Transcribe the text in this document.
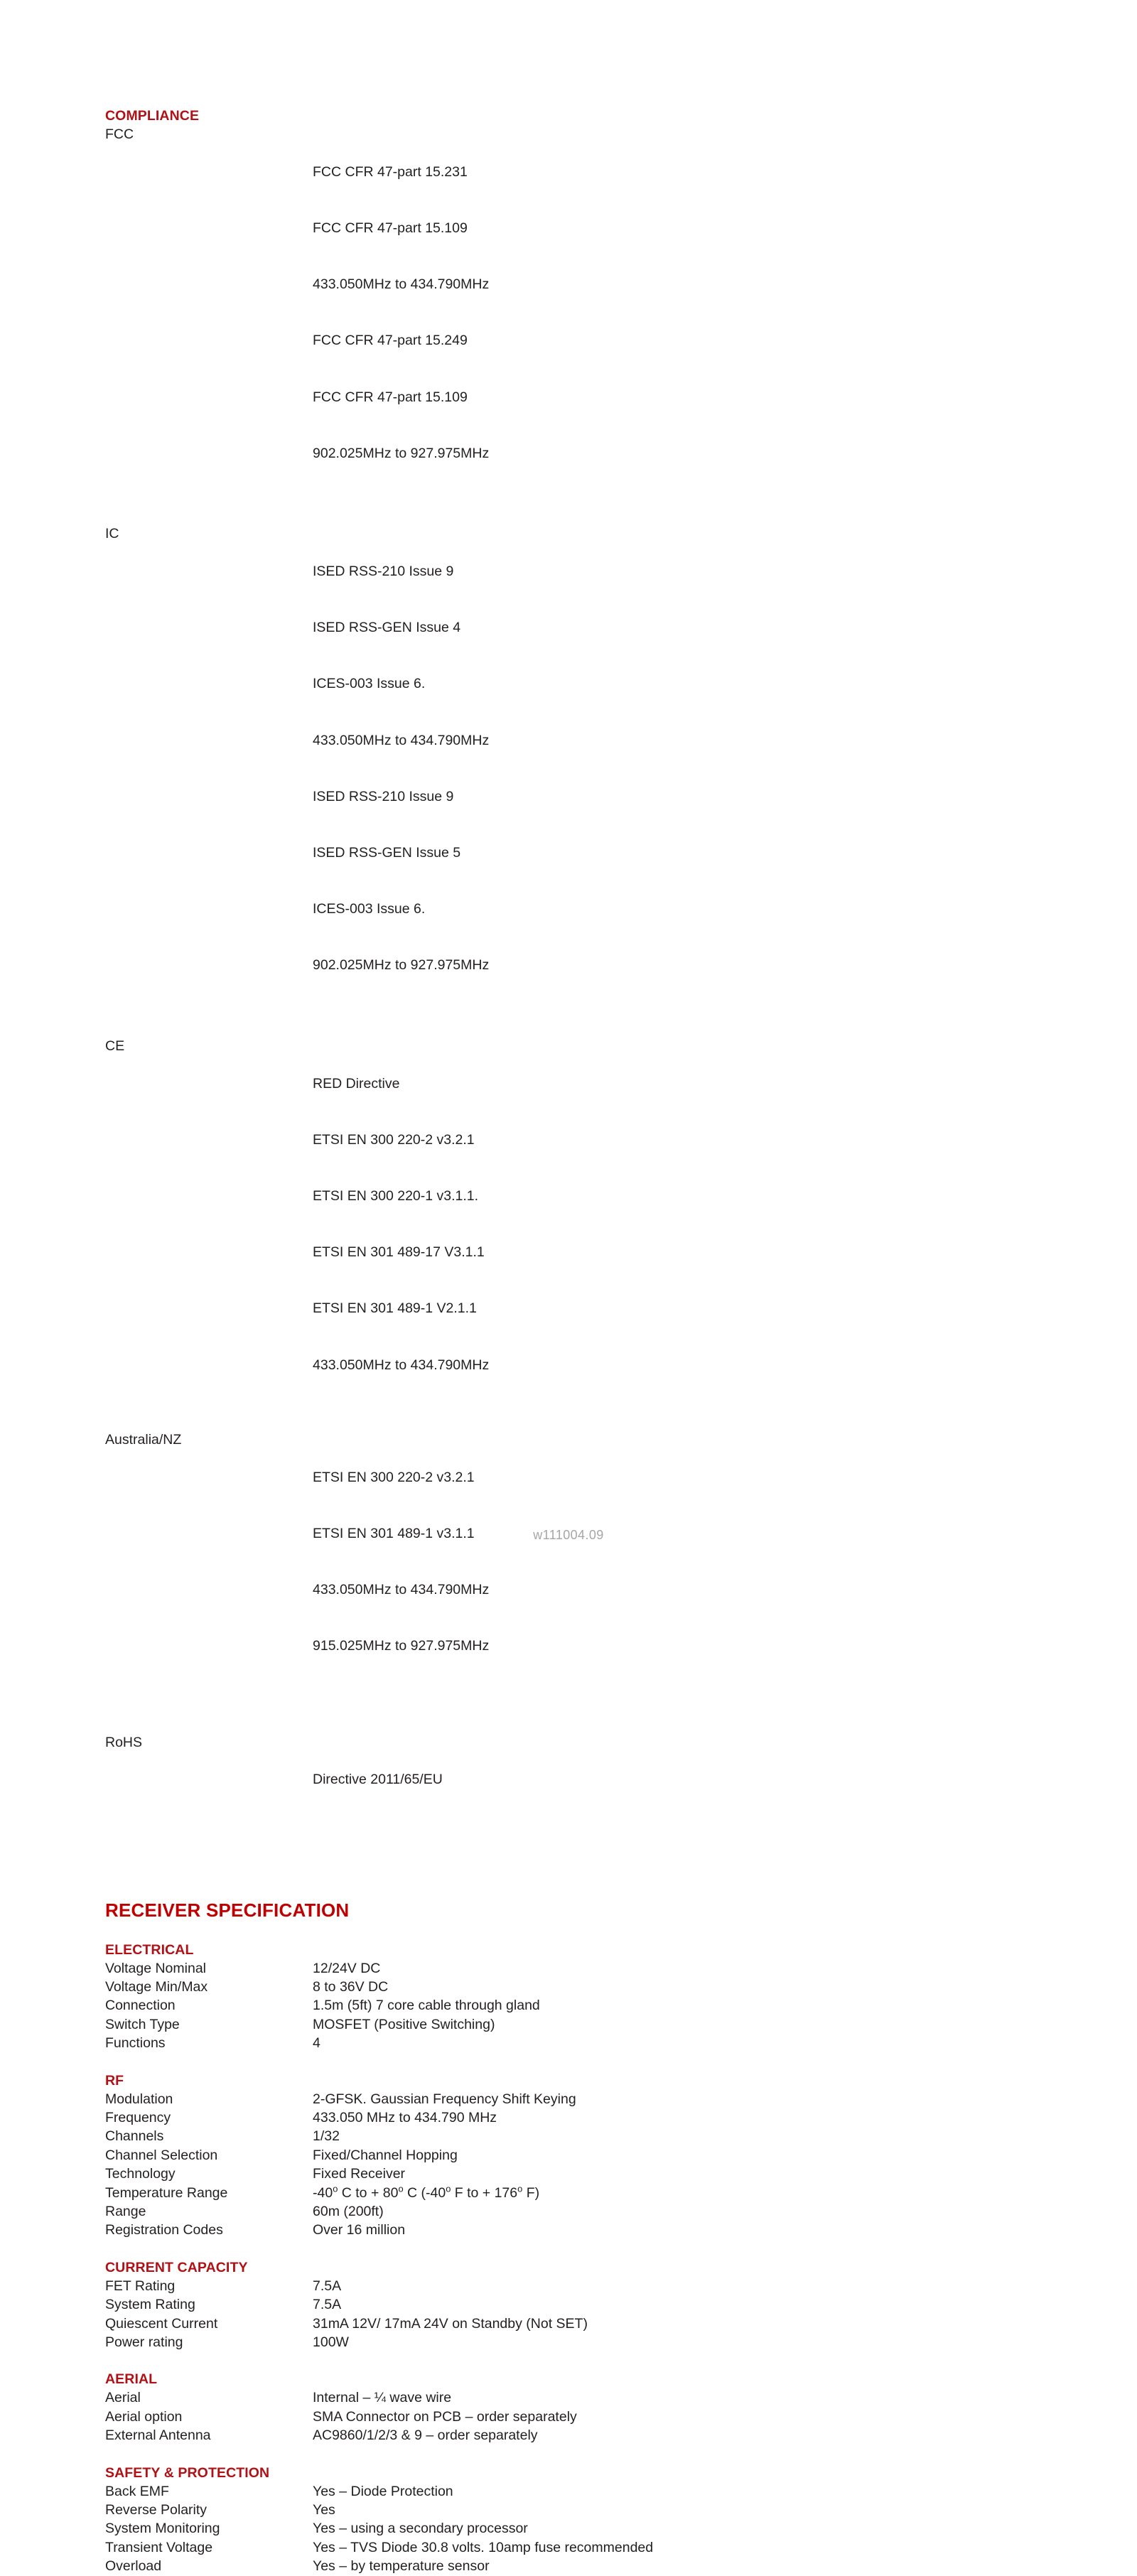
COMPLIANCE
FCC

FCC CFR 47-part 15.231

FCC CFR 47-part 15.109

433.050MHz to 434.790MHz

FCC CFR 47-part 15.249

FCC CFR 47-part 15.109

902.025MHz to 927.975MHz

IC

ISED RSS-210 Issue 9

ISED RSS-GEN Issue 4

ICES-003 Issue 6.

433.050MHz to 434.790MHz

ISED RSS-210 Issue 9

ISED RSS-GEN Issue 5

ICES-003 Issue 6.

902.025MHz to 927.975MHz

CE

RED Directive

ETSI EN 300 220-2 v3.2.1

ETSI EN 300 220-1 v3.1.1.

ETSI EN 301 489-17 V3.1.1

ETSI EN 301 489-1 V2.1.1

433.050MHz to 434.790MHz

Australia/NZ

ETSI EN 300 220-2 v3.2.1

ETSI EN 301 489-1 v3.1.1

433.050MHz to 434.790MHz

915.025MHz to 927.975MHz

RoHS

Directive 2011/65/EU

RECEIVER SPECIFICATION
ELECTRICAL
Voltage Nominal	12/24V DC
Voltage Min/Max	8 to 36V DC
Connection	1.5m (5ft) 7 core cable through gland
Switch Type	MOSFET (Positive Switching)
Functions	4
RF
Modulation	2-GFSK. Gaussian Frequency Shift Keying
Frequency	433.050 MHz to 434.790 MHz
Channels	1/32
Channel Selection	Fixed/Channel Hopping
Technology	Fixed Receiver
Temperature Range	-40$^o$ C to + $80^o$ C (-40$^o$ F to + $176^o$ F)
Range	60m (200ft)
Registration Codes	Over 16 million
CURRENT CAPACITY
FET Rating	7.5A
System Rating	7.5A
Quiescent Current	31mA 12V/ 17mA 24V on Standby (Not SET)
Power rating	100W
AERIAL
Aerial	Internal – ¼ wave wire
Aerial option	SMA Connector on PCB – order separately
External Antenna	AC9860/1/2/3 & 9 – order separately
SAFETY & PROTECTION
Back EMF	Yes – Diode Protection
Reverse Polarity	Yes
System Monitoring	Yes – using a secondary processor
Transient Voltage	Yes – TVS Diode 30.8 volts. 10amp fuse recommended
Overload	Yes – by temperature sensor
w111004.09
